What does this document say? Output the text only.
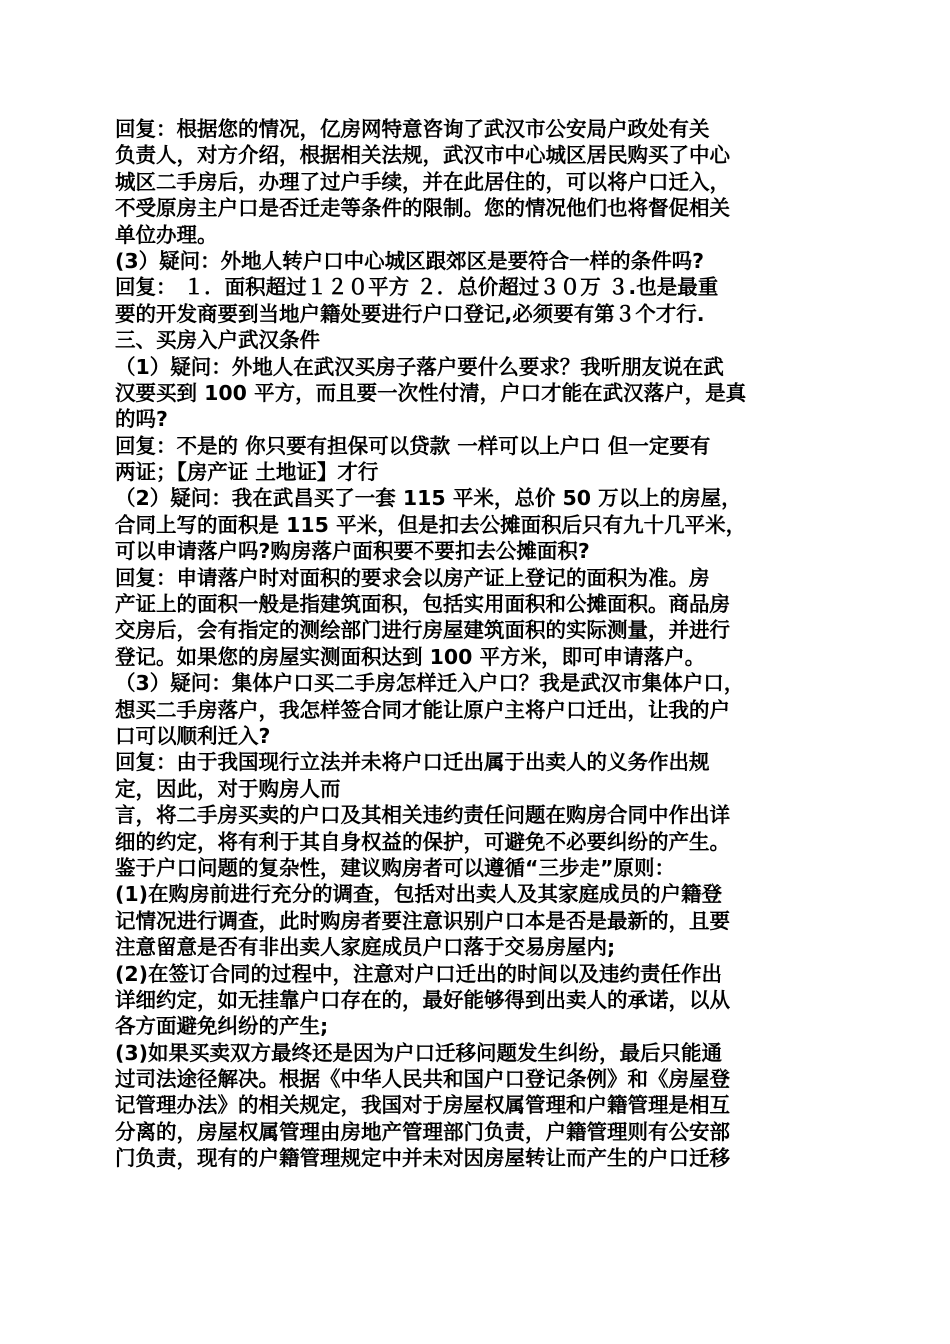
回复：根据您的情况，亿房网特意咨询了武汉市公安局户政处有关
负责人，对方介绍，根据相关法规，武汉市中心城区居民购买了中心
城区二手房后，办理了过户手续，并在此居住的，可以将户口迁入，
不受原房主户口是否迁走等条件的限制。您的情况他们也将督促相关
单位办理。
(3）疑问：外地人转户口中心城区跟郊区是要符合一样的条件吗?
回复： １．面积超过１２０平方 ２．总价超过３０万 ３.也是最重
要的开发商要到当地户籍处要进行户口登记,必须要有第３个才行.
三、买房入户武汉条件
（1）疑问：外地人在武汉买房子落户要什么要求？我听朋友说在武
汉要买到 100 平方，而且要一次性付清，户口才能在武汉落户，是真
的吗?
回复：不是的 你只要有担保可以贷款 一样可以上户口 但一定要有
两证；【房产证 土地证】才行
（2）疑问：我在武昌买了一套 115 平米，总价 50 万以上的房屋，
合同上写的面积是 115 平米，但是扣去公摊面积后只有九十几平米，
可以申请落户吗?购房落户面积要不要扣去公摊面积?
回复：申请落户时对面积的要求会以房产证上登记的面积为准。房
产证上的面积一般是指建筑面积，包括实用面积和公摊面积。商品房
交房后，会有指定的测绘部门进行房屋建筑面积的实际测量，并进行
登记。如果您的房屋实测面积达到 100 平方米，即可申请落户。
（3）疑问：集体户口买二手房怎样迁入户口？我是武汉市集体户口，
想买二手房落户，我怎样签合同才能让原户主将户口迁出，让我的户
口可以顺利迁入?
回复：由于我国现行立法并未将户口迁出属于出卖人的义务作出规
定，因此，对于购房人而
言，将二手房买卖的户口及其相关违约责任问题在购房合同中作出详
细的约定，将有利于其自身权益的保护，可避免不必要纠纷的产生。
鉴于户口问题的复杂性，建议购房者可以遵循“三步走”原则：
(1)在购房前进行充分的调查，包括对出卖人及其家庭成员的户籍登
记情况进行调查，此时购房者要注意识别户口本是否是最新的，且要
注意留意是否有非出卖人家庭成员户口落于交易房屋内;
(2)在签订合同的过程中，注意对户口迁出的时间以及违约责任作出
详细约定，如无挂靠户口存在的，最好能够得到出卖人的承诺，以从
各方面避免纠纷的产生;
(3)如果买卖双方最终还是因为户口迁移问题发生纠纷，最后只能通
过司法途径解决。根据《中华人民共和国户口登记条例》和《房屋登
记管理办法》的相关规定，我国对于房屋权属管理和户籍管理是相互
分离的，房屋权属管理由房地产管理部门负责，户籍管理则有公安部
门负责，现有的户籍管理规定中并未对因房屋转让而产生的户口迁移
